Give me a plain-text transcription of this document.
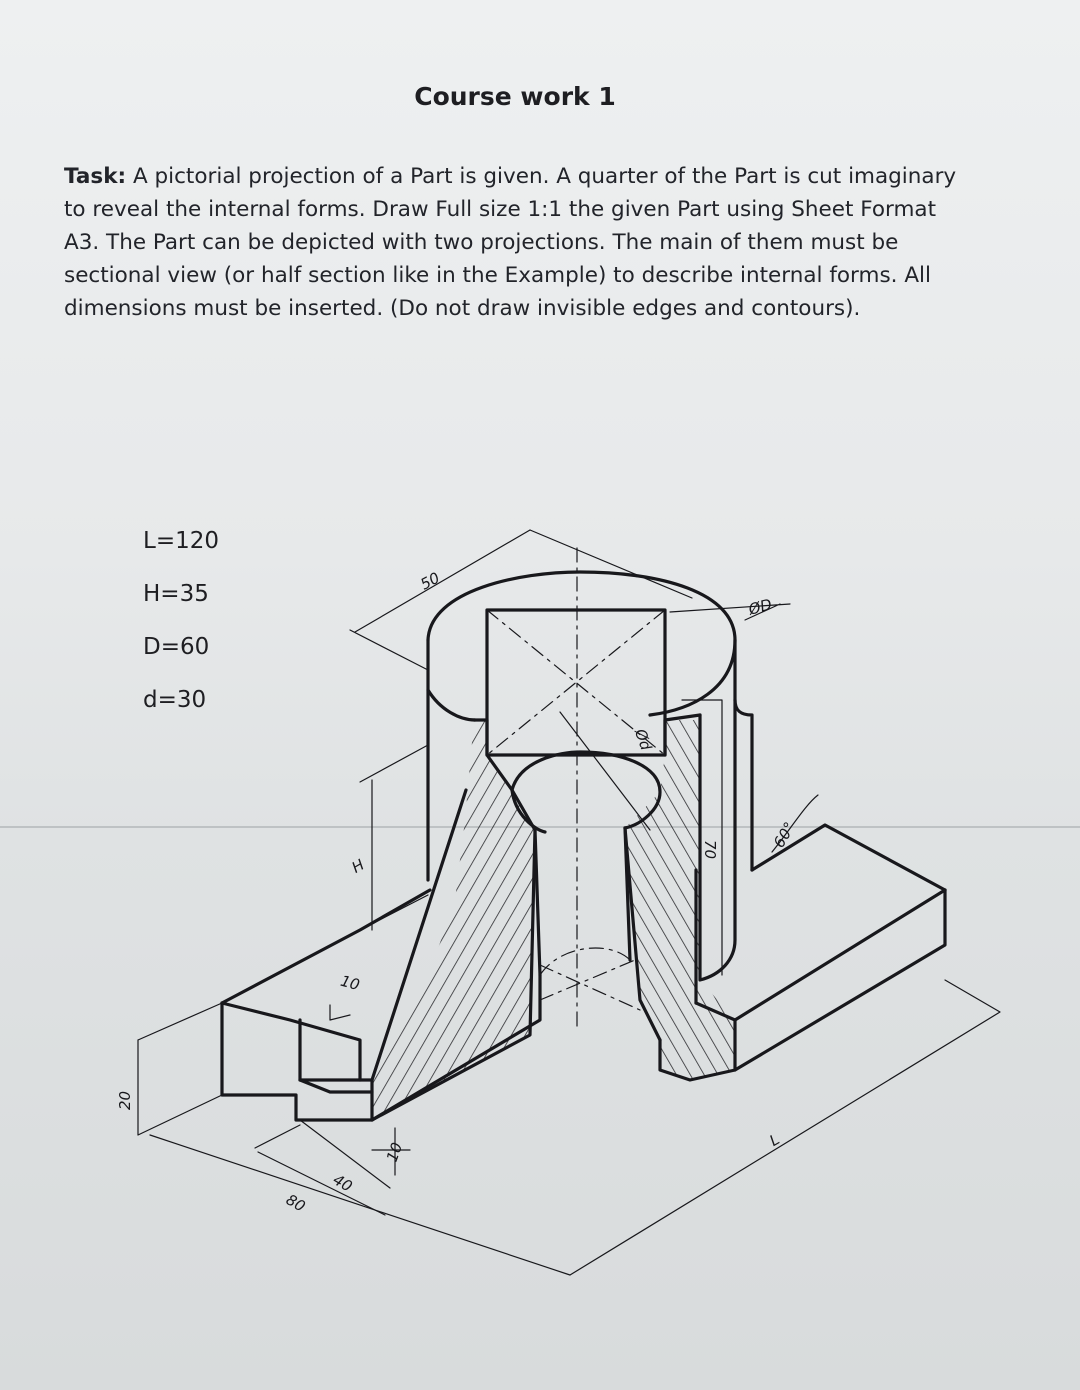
Course work 1
Task: A pictorial projection of a Part is given. A quarter of the Part is cut imaginary to reveal the internal forms. Draw Full size 1:1 the given Part using Sheet Format A3. The Part can be depicted with two projections. The main of them must be sectional view (or half section like in the Example) to describe internal forms. All dimensions must be inserted. (Do not draw invisible edges and contours).
L=120
H=35
D=60
d=30
50
ØD
Ød
70	60°
H
10
20
10
40
80
L
